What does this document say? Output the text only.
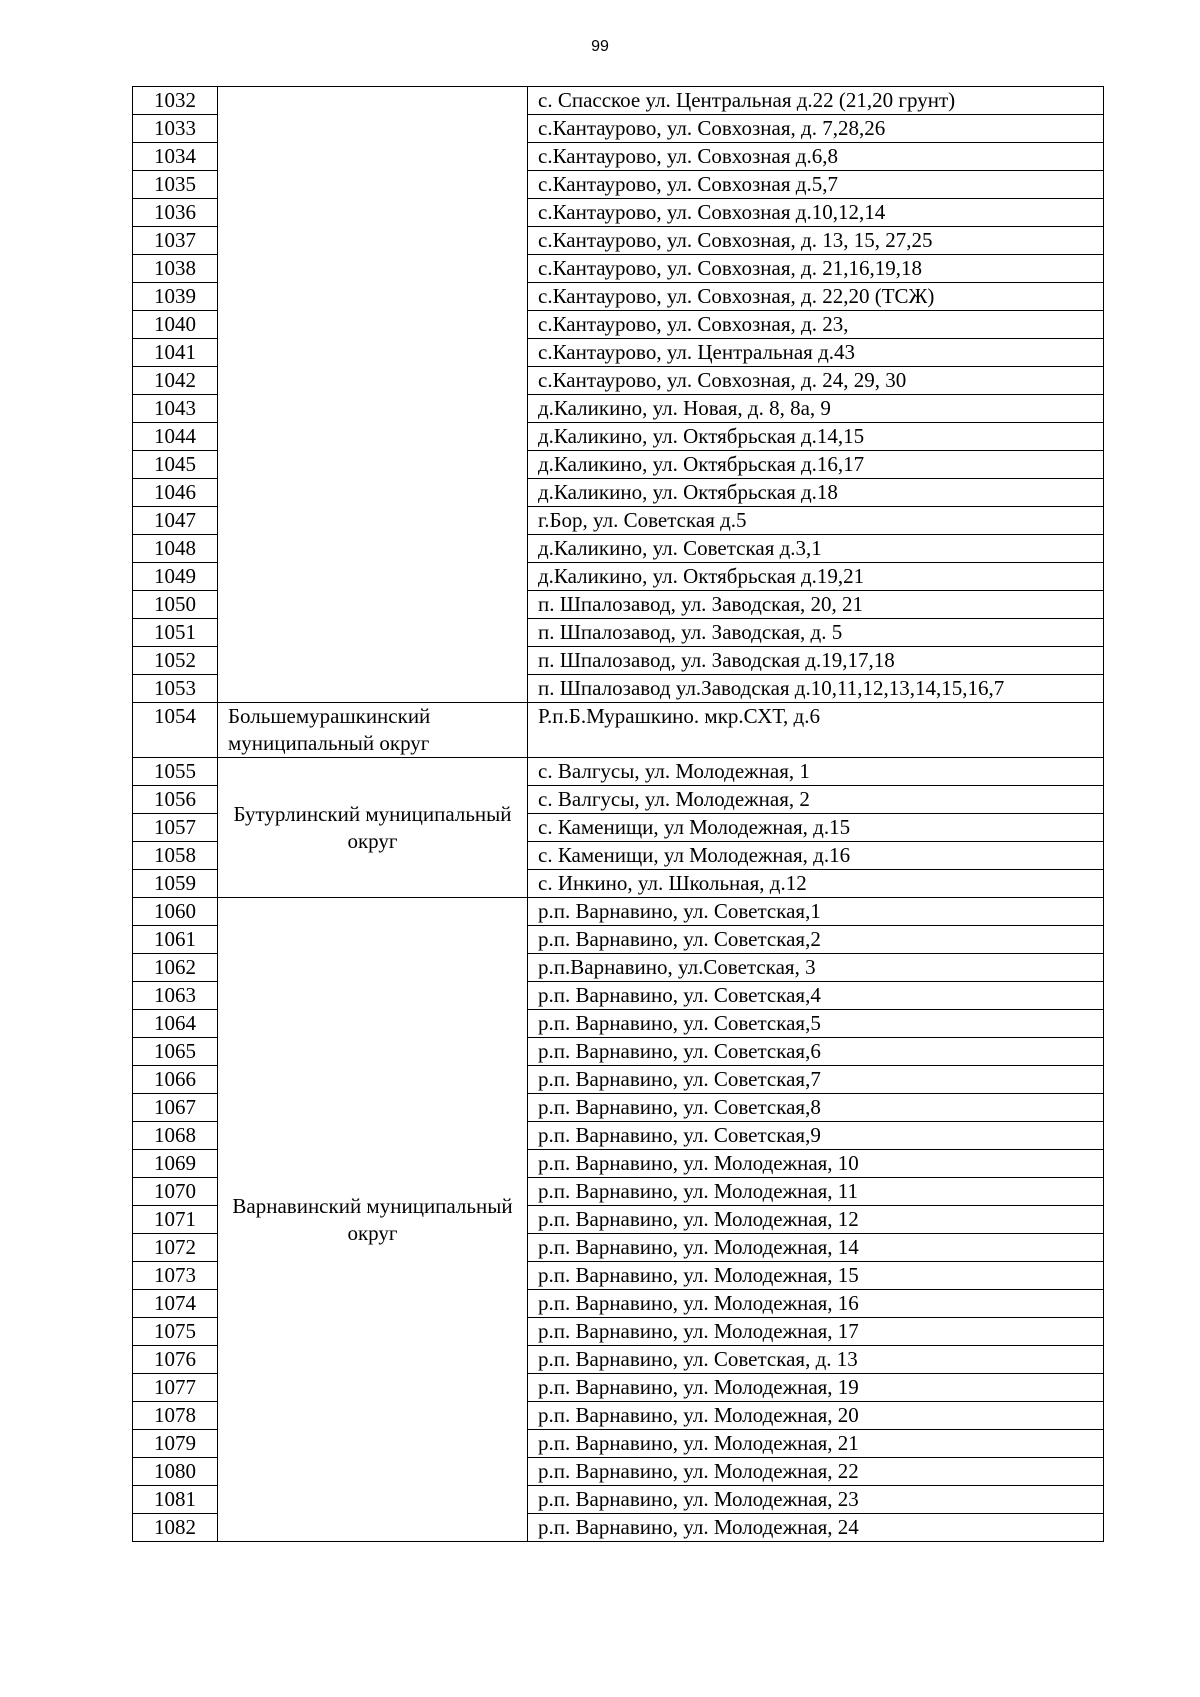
99
1032		с. Спасское ул. Центральная д.22 (21,20 грунт)
1033		с.Кантаурово, ул. Совхозная, д. 7,28,26
1034		с.Кантаурово, ул. Совхозная д.6,8
1035		с.Кантаурово, ул. Совхозная д.5,7
1036		с.Кантаурово, ул. Совхозная д.10,12,14
1037		с.Кантаурово, ул. Совхозная, д. 13, 15, 27,25
1038		с.Кантаурово, ул. Совхозная, д. 21,16,19,18
1039		с.Кантаурово, ул. Совхозная, д. 22,20 (ТСЖ)
1040		с.Кантаурово, ул. Совхозная, д. 23,
1041		с.Кантаурово, ул. Центральная д.43
1042		с.Кантаурово, ул. Совхозная, д. 24, 29, 30
1043		д.Каликино, ул. Новая, д. 8, 8а, 9
1044		д.Каликино, ул. Октябрьская д.14,15
1045		д.Каликино, ул. Октябрьская д.16,17
1046		д.Каликино, ул. Октябрьская д.18
1047		г.Бор, ул. Советская д.5
1048		д.Каликино, ул. Советская д.3,1
1049		д.Каликино, ул. Октябрьская д.19,21
1050		п. Шпалозавод, ул. Заводская, 20, 21
1051		п. Шпалозавод, ул. Заводская, д. 5
1052		п. Шпалозавод, ул. Заводская д.19,17,18
1053		п. Шпалозавод ул.Заводская д.10,11,12,13,14,15,16,7
1054	Большемурашкинский муниципальный округ	Р.п.Б.Мурашкино. мкр.СХТ, д.6
1055	Бутурлинский муниципальный округ	с. Валгусы, ул. Молодежная, 1
1056		с. Валгусы, ул. Молодежная, 2
1057		с. Каменищи, ул Молодежная, д.15
1058		с. Каменищи, ул Молодежная, д.16
1059		с. Инкино, ул. Школьная, д.12
1060	Варнавинский муниципальный округ	р.п. Варнавино, ул. Советская,1
1061		р.п. Варнавино, ул. Советская,2
1062		р.п.Варнавино, ул.Советская, 3
1063		р.п. Варнавино, ул. Советская,4
1064		р.п. Варнавино, ул. Советская,5
1065		р.п. Варнавино, ул. Советская,6
1066		р.п. Варнавино, ул. Советская,7
1067		р.п. Варнавино, ул. Советская,8
1068		р.п. Варнавино, ул. Советская,9
1069		р.п. Варнавино, ул. Молодежная, 10
1070		р.п. Варнавино, ул. Молодежная, 11
1071		р.п. Варнавино, ул. Молодежная, 12
1072		р.п. Варнавино, ул. Молодежная, 14
1073		р.п. Варнавино, ул. Молодежная, 15
1074		р.п. Варнавино, ул. Молодежная, 16
1075		р.п. Варнавино, ул. Молодежная, 17
1076		р.п. Варнавино, ул. Советская, д. 13
1077		р.п. Варнавино, ул. Молодежная, 19
1078		р.п. Варнавино, ул. Молодежная, 20
1079		р.п. Варнавино, ул. Молодежная, 21
1080		р.п. Варнавино, ул. Молодежная, 22
1081		р.п. Варнавино, ул. Молодежная, 23
1082		р.п. Варнавино, ул. Молодежная, 24
